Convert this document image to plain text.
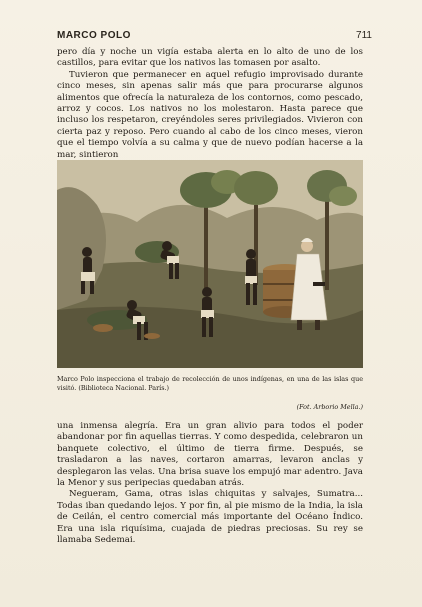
MARCO POLO	711

pero día y noche un vigía estaba alerta en lo alto de uno de los castillos, para evitar que los nativos las tomasen por asalto.

Tuvieron que permanecer en aquel refugio improvisado durante cinco meses, sin apenas salir más que para procurarse algunos alimentos que ofrecía la naturaleza de los contornos, como pescado, arroz y cocos. Los nativos no los molestaron. Hasta parece que incluso los respetaron, creyéndoles seres privilegiados. Vivieron con cierta paz y reposo. Pero cuando al cabo de los cinco meses, vieron que el tiempo volvía a su calma y que de nuevo podían hacerse a la mar, sintieron

Marco Polo inspecciona el trabajo de recolección de unos indígenas, en una de las islas que visitó. (Biblioteca Nacional. París.)
(Fot. Arborio Mella.)

una inmensa alegría. Era un gran alivio para todos el poder abandonar por fin aquellas tierras. Y como despedida, celebraron un banquete colectivo, el último de tierra firme. Después, se trasladaron a las naves, cortaron amarras, levaron anclas y desplegaron las velas. Una brisa suave los empujó mar adentro. Java la Menor y sus peripecias quedaban atrás.

Negueram, Gama, otras islas chiquitas y salvajes, Sumatra... Todas iban quedando lejos. Y por fin, al pie mismo de la India, la isla de Ceilán, el centro comercial más importante del Océano Índico. Era una isla riquísima, cuajada de piedras preciosas. Su rey se llamaba Sedemai.
